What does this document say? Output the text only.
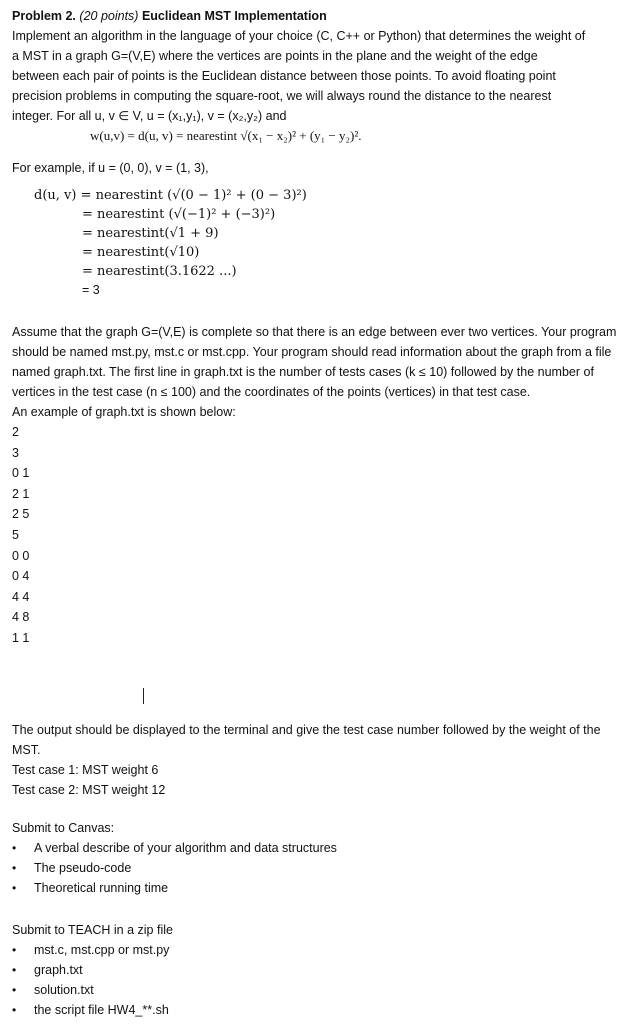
Problem 2. (20 points) Euclidean MST Implementation
Implement an algorithm in the language of your choice (C, C++ or Python) that determines the weight of
a MST in a graph G=(V,E) where the vertices are points in the plane and the weight of the edge
between each pair of points is the Euclidean distance between those points. To avoid floating point
precision problems in computing the square-root, we will always round the distance to the nearest
integer. For all u, v ∈ V, u = (x₁,y₁), v = (x₂,y₂) and
w(u,v) = d(u, v) = nearestint √(x₁ − x₂)² + (y₁ − y₂)².
For example, if u = (0, 0), v = (1, 3),
d(u, v) = nearestint (√(0 − 1)² + (0 − 3)²)
= nearestint (√(−1)² + (−3)²)
= nearestint(√1 + 9)
= nearestint(√10)
= nearestint(3.1622 ...)
= 3
Assume that the graph G=(V,E) is complete so that there is an edge between ever two vertices. Your program should be named mst.py, mst.c or mst.cpp. Your program should read information about the graph from a file named graph.txt. The first line in graph.txt is the number of tests cases (k ≤ 10) followed by the number of vertices in the test case (n ≤ 100) and the coordinates of the points (vertices) in that test case.
An example of graph.txt is shown below:
2
3
0 1
2 1
2 5
5
0 0
0 4
4 4
4 8
1 1
The output should be displayed to the terminal and give the test case number followed by the weight of the MST.
Test case 1: MST weight 6
Test case 2: MST weight 12
Submit to Canvas:
•	A verbal describe of your algorithm and data structures
•	The pseudo-code
•	Theoretical running time
Submit to TEACH in a zip file
•	mst.c, mst.cpp or mst.py
•	graph.txt
•	solution.txt
•	the script file HW4_**.sh
